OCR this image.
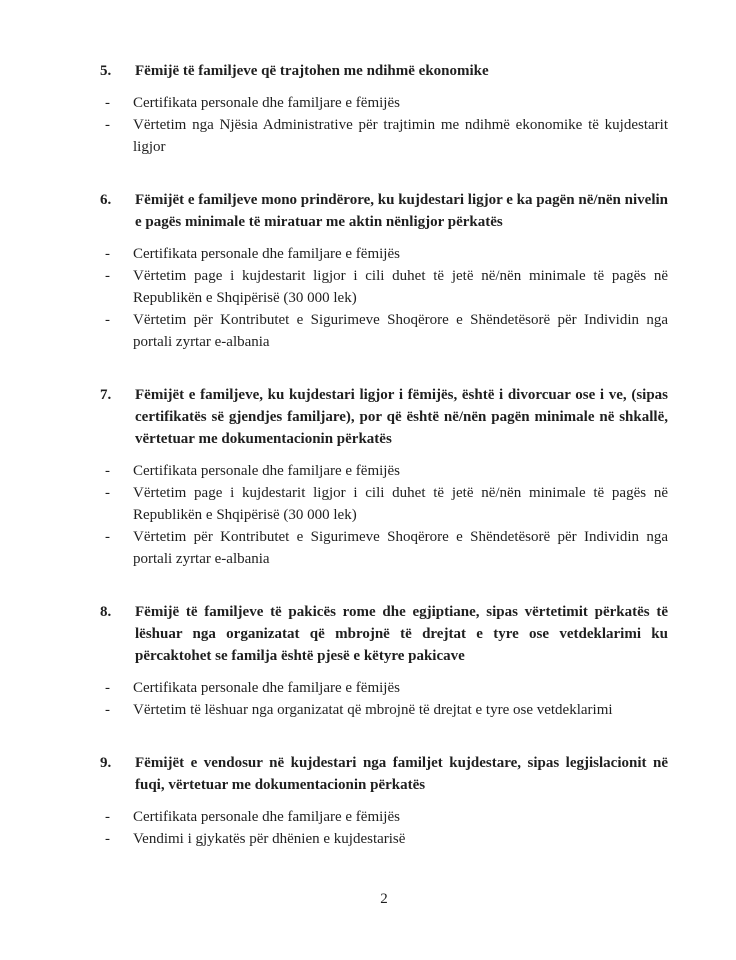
5.	Fëmijë të familjeve që trajtohen me ndihmë ekonomike
-	Certifikata personale dhe familjare e fëmijës
-	Vërtetim nga Njësia Administrative për trajtimin me ndihmë ekonomike të kujdestarit ligjor
6.	Fëmijët e familjeve mono prindërore, ku kujdestari ligjor e ka pagën në/nën nivelin e pagës minimale të miratuar me aktin nënligjor përkatës
-	Certifikata personale dhe familjare e fëmijës
-	Vërtetim page i kujdestarit ligjor i cili duhet të jetë në/nën minimale të pagës në Republikën e Shqipërisë (30 000 lek)
-	Vërtetim për Kontributet e Sigurimeve Shoqërore e Shëndetësorë për Individin nga portali zyrtar e-albania
7.	Fëmijët e familjeve, ku kujdestari ligjor i fëmijës, është i divorcuar ose i ve, (sipas certifikatës së gjendjes familjare), por që është në/nën pagën minimale në shkallë, vërtetuar me dokumentacionin përkatës
-	Certifikata personale dhe familjare e fëmijës
-	Vërtetim page i kujdestarit ligjor i cili duhet të jetë në/nën minimale të pagës në Republikën e Shqipërisë (30 000 lek)
-	Vërtetim për Kontributet e Sigurimeve Shoqërore e Shëndetësorë për Individin nga portali zyrtar e-albania
8.	Fëmijë të familjeve të pakicës rome dhe egjiptiane, sipas vërtetimit përkatës të lëshuar nga organizatat që mbrojnë të drejtat e tyre ose vetdeklarimi ku përcaktohet se familja është pjesë e këtyre pakicave
-	Certifikata personale dhe familjare e fëmijës
-	Vërtetim të lëshuar nga organizatat që mbrojnë të drejtat e tyre ose vetdeklarimi
9.	Fëmijët e vendosur në kujdestari nga familjet kujdestare, sipas legjislacionit në fuqi, vërtetuar me dokumentacionin përkatës
-	Certifikata personale dhe familjare e fëmijës
-	Vendimi i gjykatës për dhënien e kujdestarisë
2
